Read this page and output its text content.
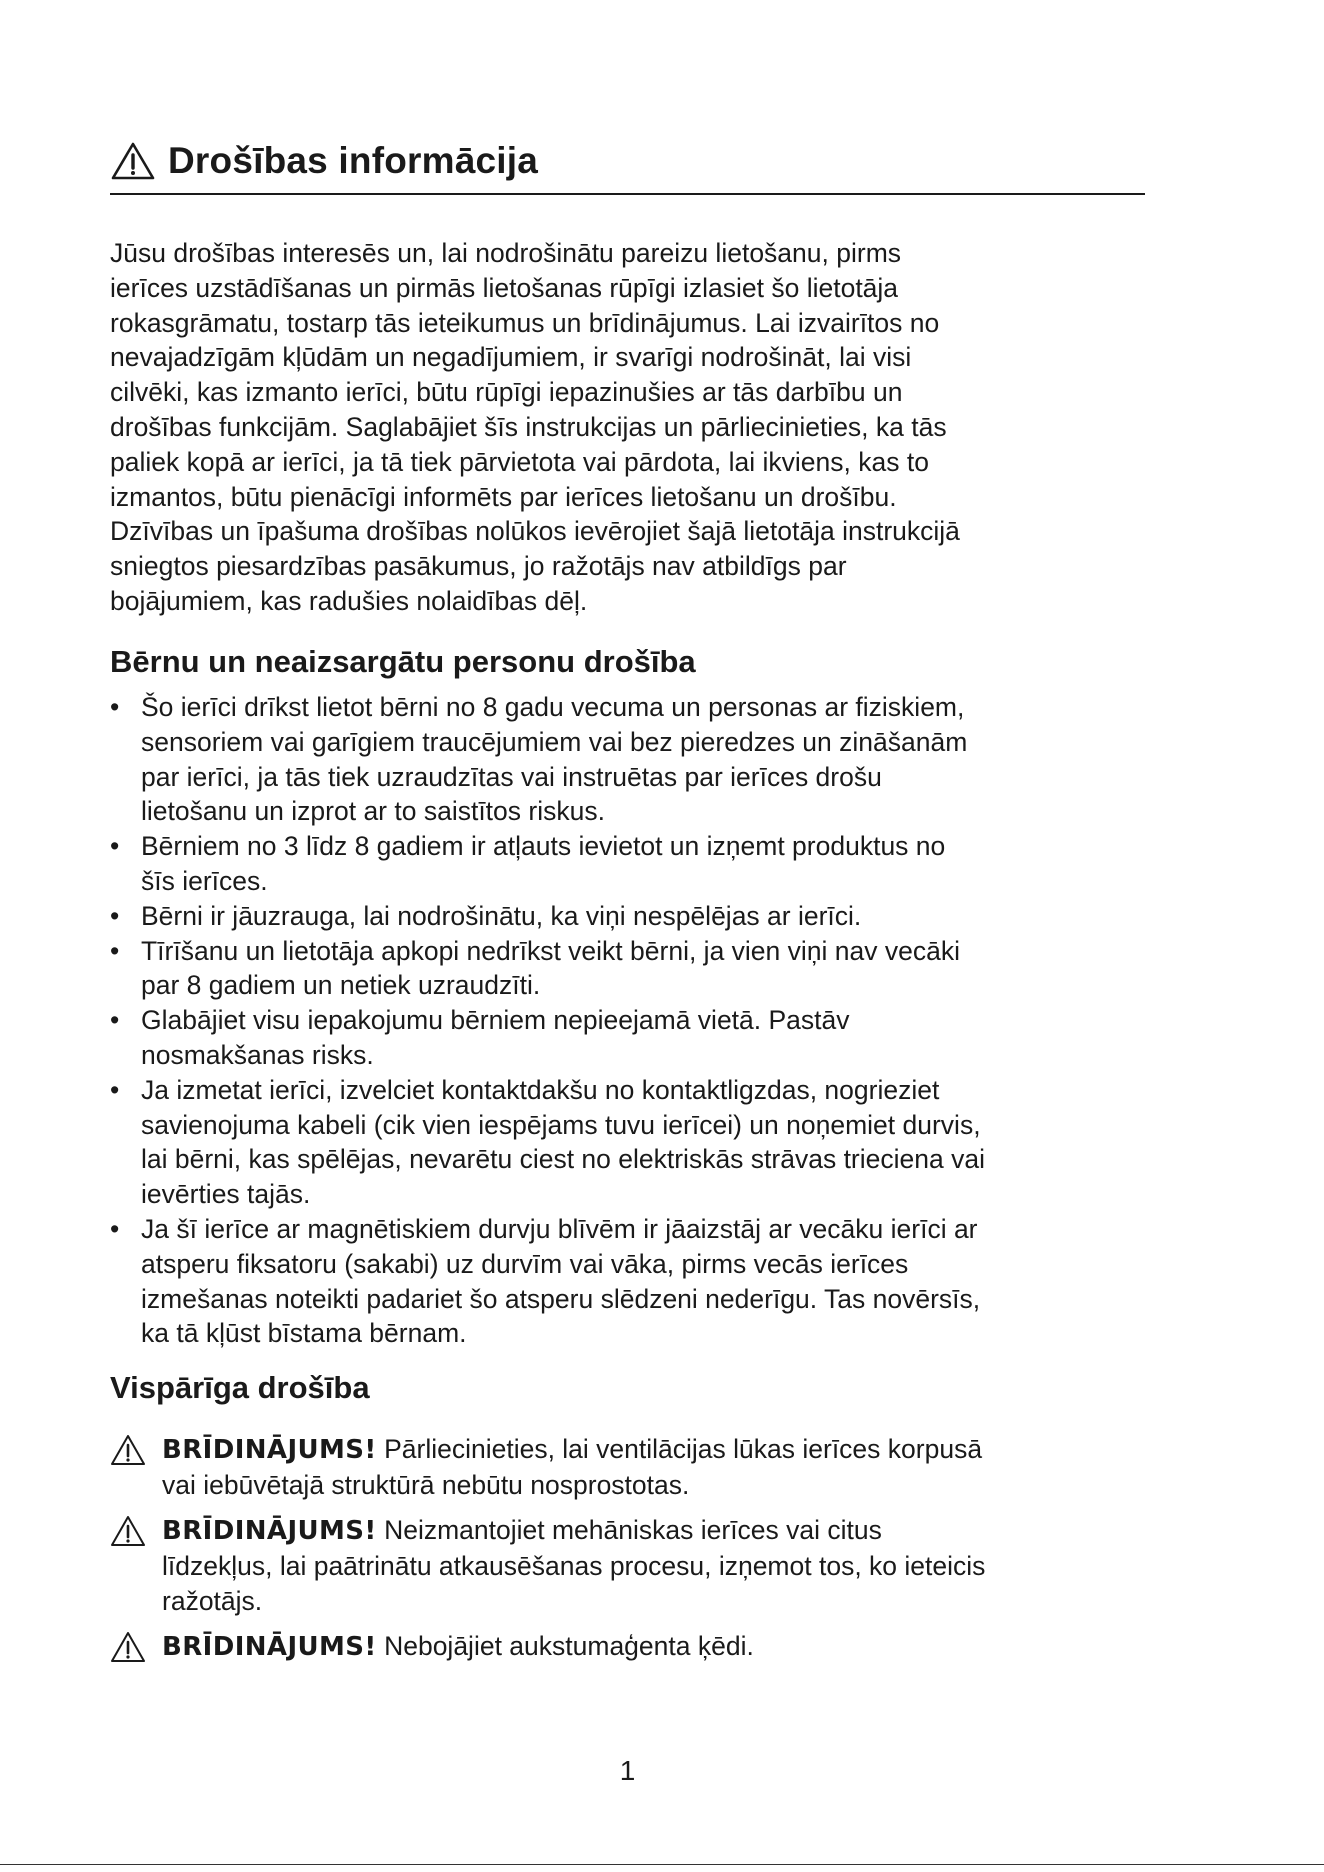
Drošības informācija

Jūsu drošības interesēs un, lai nodrošinātu pareizu lietošanu, pirms
ierīces uzstādīšanas un pirmās lietošanas rūpīgi izlasiet šo lietotāja
rokasgrāmatu, tostarp tās ieteikumus un brīdinājumus. Lai izvairītos no
nevajadzīgām kļūdām un negadījumiem, ir svarīgi nodrošināt, lai visi
cilvēki, kas izmanto ierīci, būtu rūpīgi iepazinušies ar tās darbību un
drošības funkcijām. Saglabājiet šīs instrukcijas un pārliecinieties, ka tās
paliek kopā ar ierīci, ja tā tiek pārvietota vai pārdota, lai ikviens, kas to
izmantos, būtu pienācīgi informēts par ierīces lietošanu un drošību.
Dzīvības un īpašuma drošības nolūkos ievērojiet šajā lietotāja instrukcijā
sniegtos piesardzības pasākumus, jo ražotājs nav atbildīgs par
bojājumiem, kas radušies nolaidības dēļ.

Bērnu un neaizsargātu personu drošība
• Šo ierīci drīkst lietot bērni no 8 gadu vecuma un personas ar fiziskiem,
sensoriem vai garīgiem traucējumiem vai bez pieredzes un zināšanām
par ierīci, ja tās tiek uzraudzītas vai instruētas par ierīces drošu
lietošanu un izprot ar to saistītos riskus.
• Bērniem no 3 līdz 8 gadiem ir atļauts ievietot un izņemt produktus no
šīs ierīces.
• Bērni ir jāuzrauga, lai nodrošinātu, ka viņi nespēlējas ar ierīci.
• Tīrīšanu un lietotāja apkopi nedrīkst veikt bērni, ja vien viņi nav vecāki
par 8 gadiem un netiek uzraudzīti.
• Glabājiet visu iepakojumu bērniem nepieejamā vietā. Pastāv
nosmakšanas risks.
• Ja izmetat ierīci, izvelciet kontaktdakšu no kontaktligzdas, nogrieziet
savienojuma kabeli (cik vien iespējams tuvu ierīcei) un noņemiet durvis,
lai bērni, kas spēlējas, nevarētu ciest no elektriskās strāvas trieciena vai
ievērties tajās.
• Ja šī ierīce ar magnētiskiem durvju blīvēm ir jāaizstāj ar vecāku ierīci ar
atsperu fiksatoru (sakabi) uz durvīm vai vāka, pirms vecās ierīces
izmešanas noteikti padariet šo atsperu slēdzeni nederīgu. Tas novērsīs,
ka tā kļūst bīstama bērnam.
Vispārīga drošība
BRĪDINĀJUMS! Pārliecinieties, lai ventilācijas lūkas ierīces korpusā
vai iebūvētajā struktūrā nebūtu nosprostotas.
BRĪDINĀJUMS! Neizmantojiet mehāniskas ierīces vai citus
līdzekļus, lai paātrinātu atkausēšanas procesu, izņemot tos, ko ieteicis
ražotājs.
BRĪDINĀJUMS! Nebojājiet aukstumaģenta ķēdi.
1
